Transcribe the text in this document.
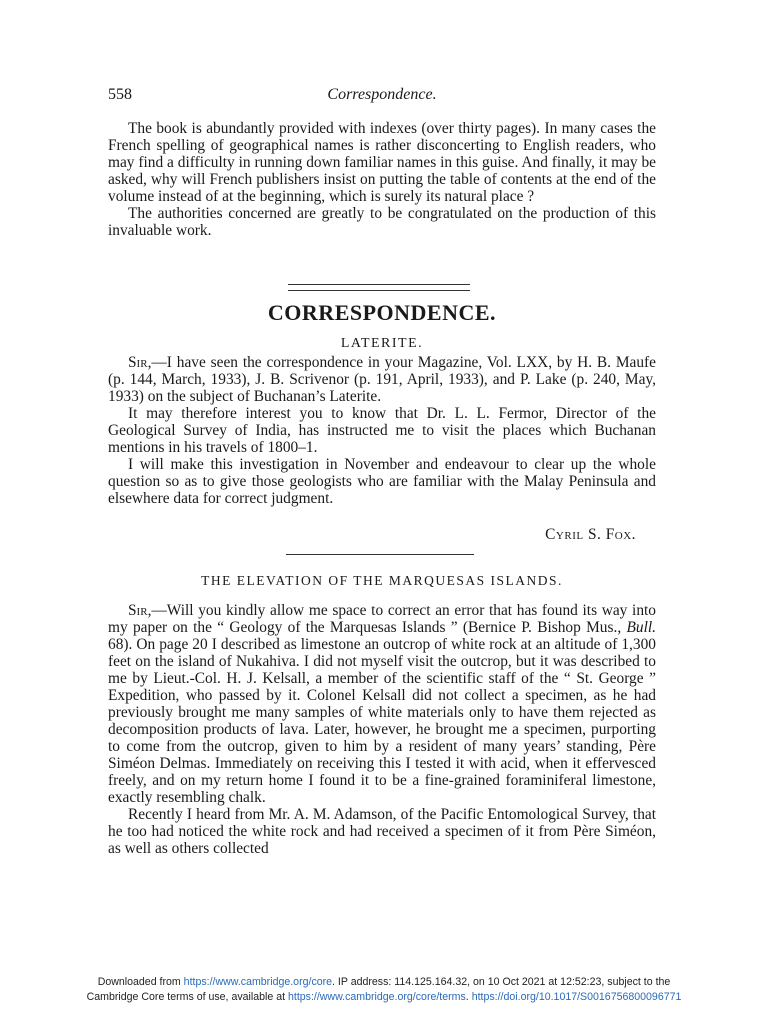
558	Correspondence.

The book is abundantly provided with indexes (over thirty pages). In many cases the French spelling of geographical names is rather disconcerting to English readers, who may find a difficulty in running down familiar names in this guise. And finally, it may be asked, why will French publishers insist on putting the table of contents at the end of the volume instead of at the beginning, which is surely its natural place ?

The authorities concerned are greatly to be congratulated on the production of this invaluable work.

CORRESPONDENCE.
LATERITE.

Sir,—I have seen the correspondence in your Magazine, Vol. LXX, by H. B. Maufe (p. 144, March, 1933), J. B. Scrivenor (p. 191, April, 1933), and P. Lake (p. 240, May, 1933) on the subject of Buchanan’s Laterite.

It may therefore interest you to know that Dr. L. L. Fermor, Director of the Geological Survey of India, has instructed me to visit the places which Buchanan mentions in his travels of 1800–1.

I will make this investigation in November and endeavour to clear up the whole question so as to give those geologists who are familiar with the Malay Peninsula and elsewhere data for correct judgment.

Cyril S. Fox.
THE ELEVATION OF THE MARQUESAS ISLANDS.

Sir,—Will you kindly allow me space to correct an error that has found its way into my paper on the “ Geology of the Marquesas Islands ” (Bernice P. Bishop Mus., Bull. 68). On page 20 I described as limestone an outcrop of white rock at an altitude of 1,300 feet on the island of Nukahiva. I did not myself visit the outcrop, but it was described to me by Lieut.-Col. H. J. Kelsall, a member of the scientific staff of the “ St. George ” Expedition, who passed by it. Colonel Kelsall did not collect a specimen, as he had previously brought me many samples of white materials only to have them rejected as decomposition products of lava. Later, however, he brought me a specimen, purporting to come from the outcrop, given to him by a resident of many years’ standing, Père Siméon Delmas. Immediately on receiving this I tested it with acid, when it effervesced freely, and on my return home I found it to be a fine-grained foraminiferal limestone, exactly resembling chalk.

Recently I heard from Mr. A. M. Adamson, of the Pacific Entomological Survey, that he too had noticed the white rock and had received a specimen of it from Père Siméon, as well as others collected

Downloaded from https://www.cambridge.org/core. IP address: 114.125.164.32, on 10 Oct 2021 at 12:52:23, subject to the
Cambridge Core terms of use, available at https://www.cambridge.org/core/terms. https://doi.org/10.1017/S0016756800096771
